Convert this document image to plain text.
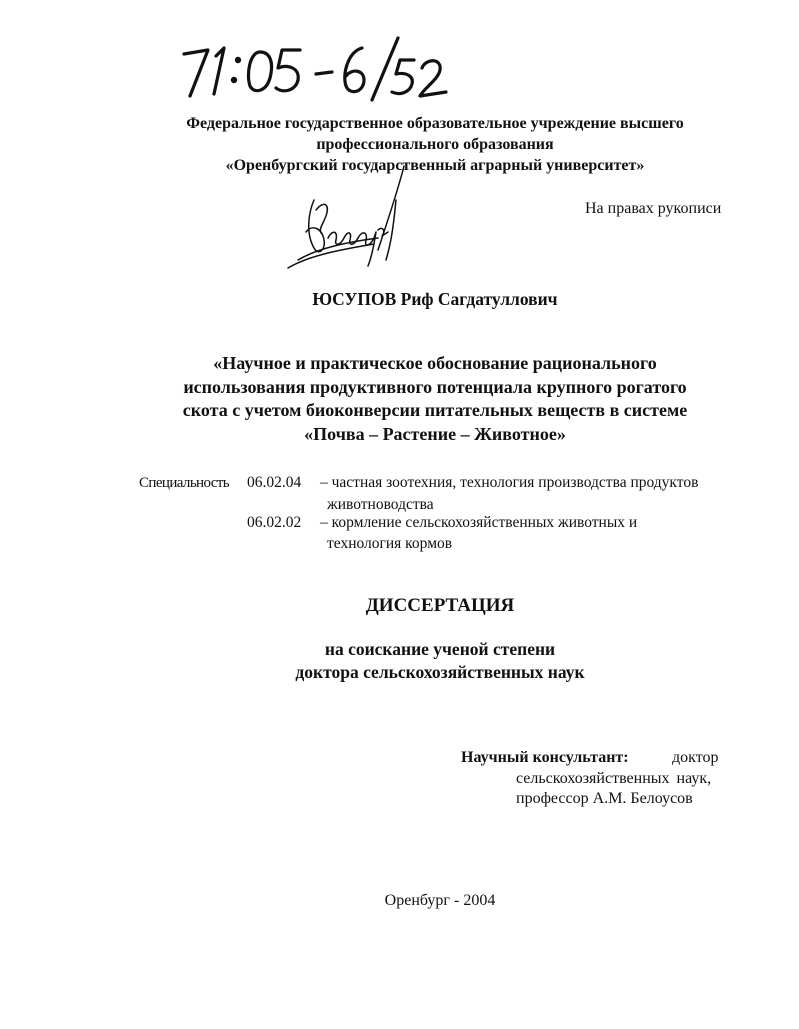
Федеральное государственное образовательное учреждение высшего
профессионального образования
«Оренбургский государственный аграрный университет»
На правах рукописи
ЮСУПОВ Риф Сагдатуллович
«Научное и практическое обоснование рационального
использования продуктивного потенциала крупного рогатого
скота с учетом биоконверсии питательных веществ в системе
«Почва – Растение – Животное»
Специальность 06.02.04 – частная зоотехния, технология производства продуктов
животноводства
06.02.02 – кормление сельскохозяйственных животных и
технология кормов
ДИССЕРТАЦИЯ
на соискание ученой степени
доктора сельскохозяйственных наук
Научный консультант:	доктор
сельскохозяйственных наук,
профессор А.М. Белоусов
Оренбург - 2004
